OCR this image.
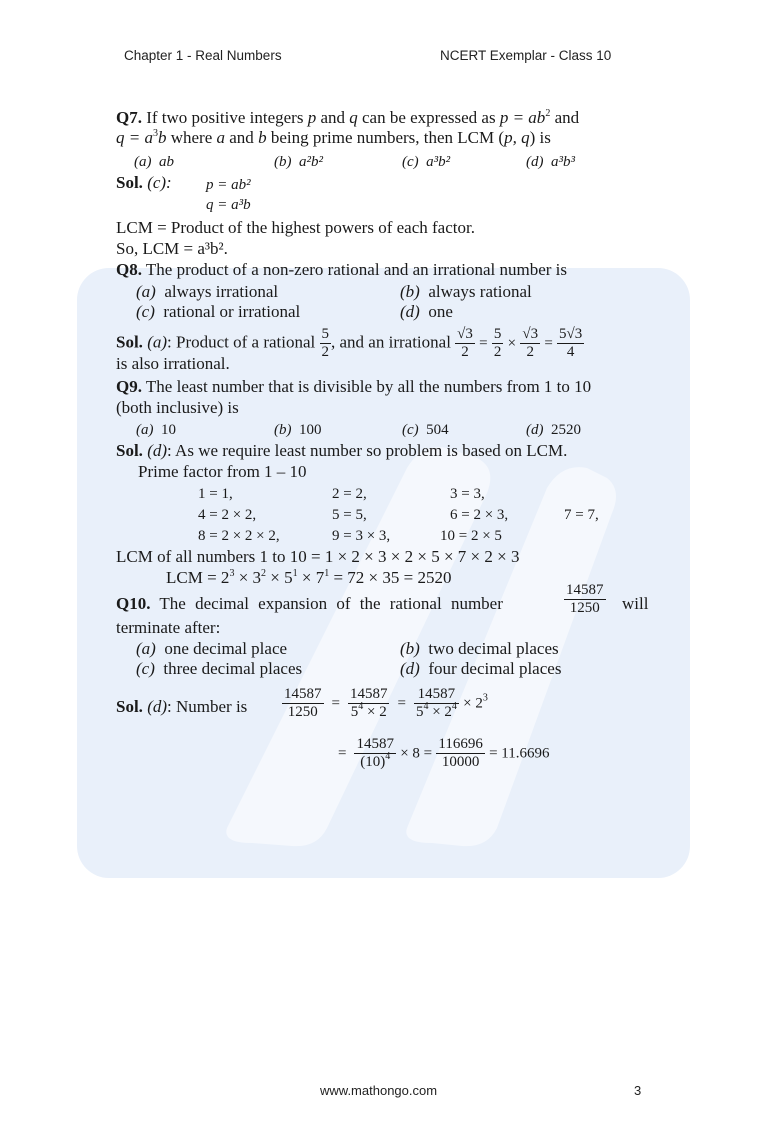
Chapter 1 - Real Numbers	NCERT Exemplar - Class 10
Q7. If two positive integers p and q can be expressed as $p = ab^2$ and
$q = a^3b$ where a and b being prime numbers, then LCM (p, q) is
(a) ab	(b) a²b²	(c) a³b²	(d) a³b³
Sol. (c): p = ab²
q = a³b
LCM = Product of the highest powers of each factor.
So, LCM = a³b².
Q8. The product of a non-zero rational and an irrational number is
(a) always irrational	(b) always rational
(c) rational or irrational	(d) one
Sol. (a): Product of a rational $\frac{5}{2}$ , and an irrational $\frac{√3}{2} = \frac{5}{2} \times \frac{√3}{2} = \frac{5√3}{4}$
is also irrational.
Q9. The least number that is divisible by all the numbers from 1 to 10
(both inclusive) is
(a) 10	(b) 100	(c) 504	(d) 2520
Sol. (d): As we require least number so problem is based on LCM.
Prime factor from 1 – 10
1 = 1,	2 = 2,	3 = 3,
4 = 2 × 2,	5 = 5,	6 = 2 × 3,	7 = 7,
8 = 2 × 2 × 2,	9 = 3 × 3,	10 = 2 × 5
LCM of all numbers 1 to 10 = 1 × 2 × 3 × 2 × 5 × 7 × 2 × 3
LCM = $2^3 \times 3^2 \times 5^1 \times 7^1 = 72 \times 35 = 2520$
Q10. The decimal expansion of the rational number	$\frac{14587}{1250}$ will
terminate after:
(a) one decimal place	(b) two decimal places
(c) three decimal places	(d) four decimal places
Sol. (d): Number is $\frac{14587}{1250} = \frac{14587}{5^4 \times 2} = \frac{14587}{5^4 \times 2^4} \times 2^3$
= $\frac{14587}{(10)^4} \times 8 = \frac{116696}{10000} = 11.6696$
www.mathongo.com	3
